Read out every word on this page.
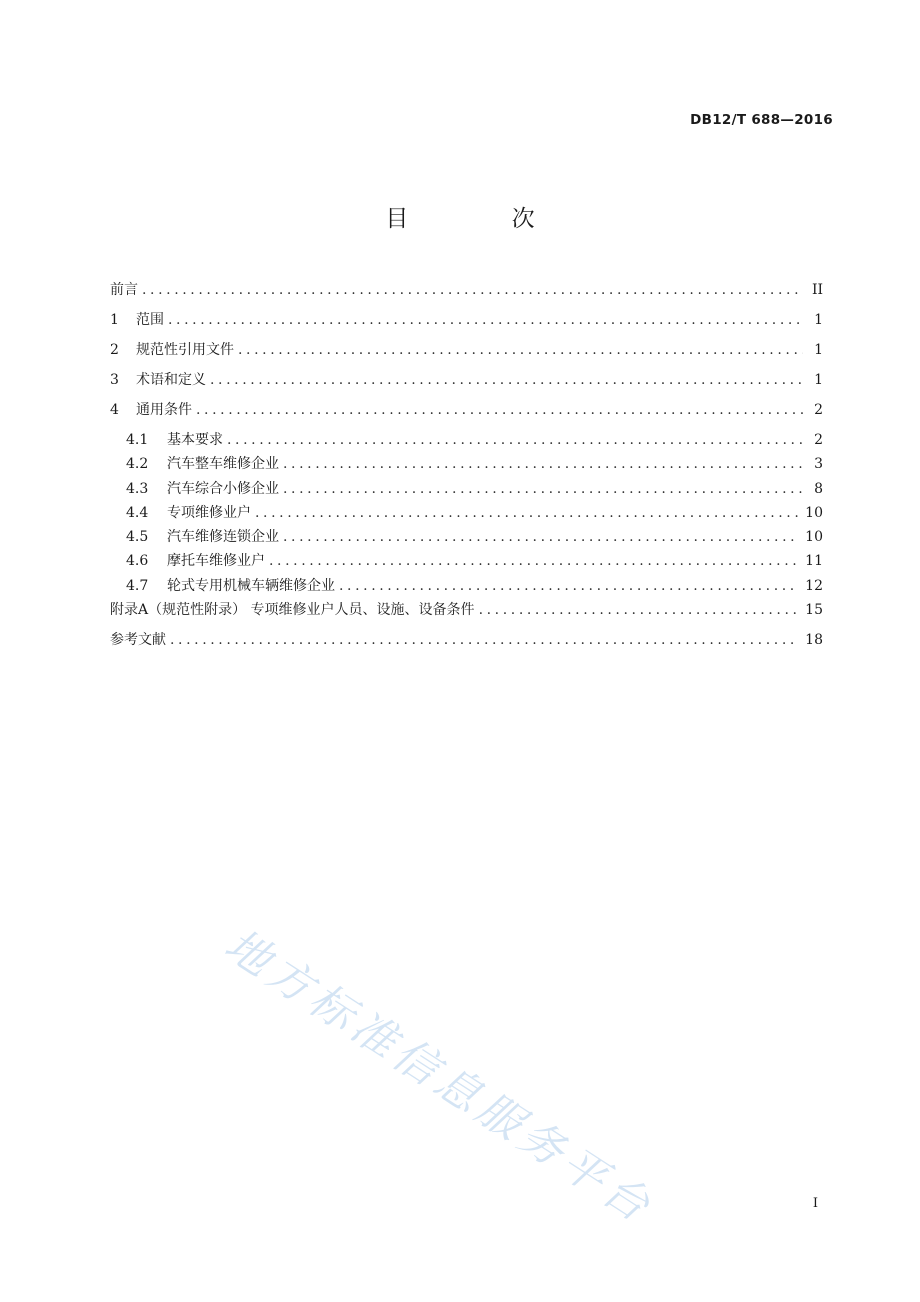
DB12/T 688—2016
目 次
前言 .....	II
1	范围 .....	1
2	规范性引用文件 .....	1
3	术语和定义 .....	1
4	通用条件 .....	2
4.1	基本要求 .....	2
4.2	汽车整车维修企业 .....	3
4.3	汽车综合小修企业 .....	8
4.4	专项维修业户 .....	10
4.5	汽车维修连锁企业 .....	10
4.6	摩托车维修业户 .....	11
4.7	轮式专用机械车辆维修企业 .....	12
附录A（规范性附录） 专项维修业户人员、设施、设备条件 .....	15
参考文献 .....	18
地方标准信息服务平台	I
